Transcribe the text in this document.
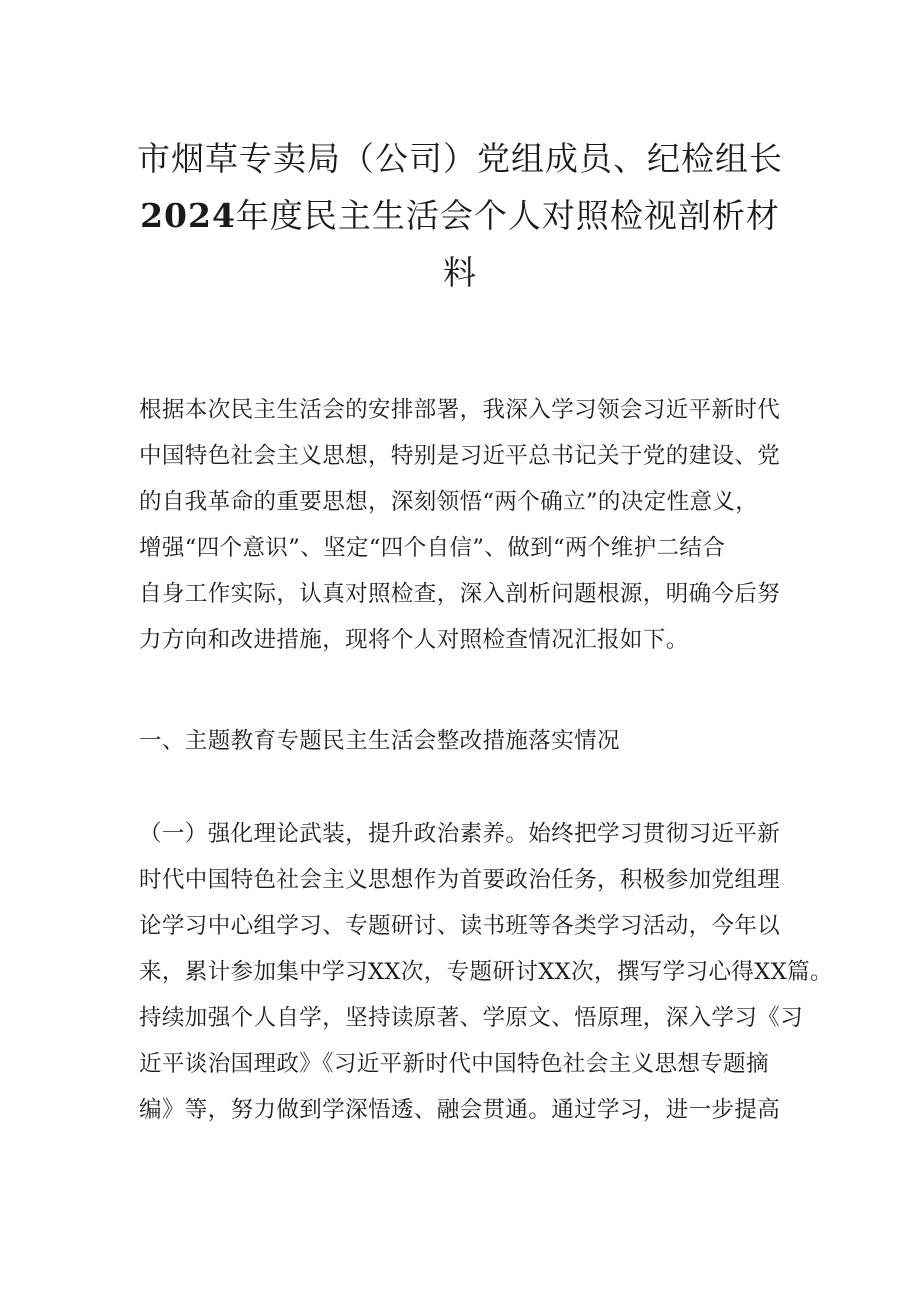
市烟草专卖局（公司）党组成员、纪检组长
2024年度民主生活会个人对照检视剖析材
料
根据本次民主生活会的安排部署，我深入学习领会习近平新时代
中国特色社会主义思想，特别是习近平总书记关于党的建设、党
的自我革命的重要思想，深刻领悟“两个确立”的决定性意义，
增强“四个意识”、坚定“四个自信”、做到“两个维护二结合
自身工作实际，认真对照检查，深入剖析问题根源，明确今后努
力方向和改进措施，现将个人对照检查情况汇报如下。
一、主题教育专题民主生活会整改措施落实情况
（一）强化理论武装，提升政治素养。始终把学习贯彻习近平新
时代中国特色社会主义思想作为首要政治任务，积极参加党组理
论学习中心组学习、专题研讨、读书班等各类学习活动，今年以
来，累计参加集中学习XX次，专题研讨XX次，撰写学习心得XX篇。
持续加强个人自学，坚持读原著、学原文、悟原理，深入学习《习
近平谈治国理政》《习近平新时代中国特色社会主义思想专题摘
编》等，努力做到学深悟透、融会贯通。通过学习，进一步提高
